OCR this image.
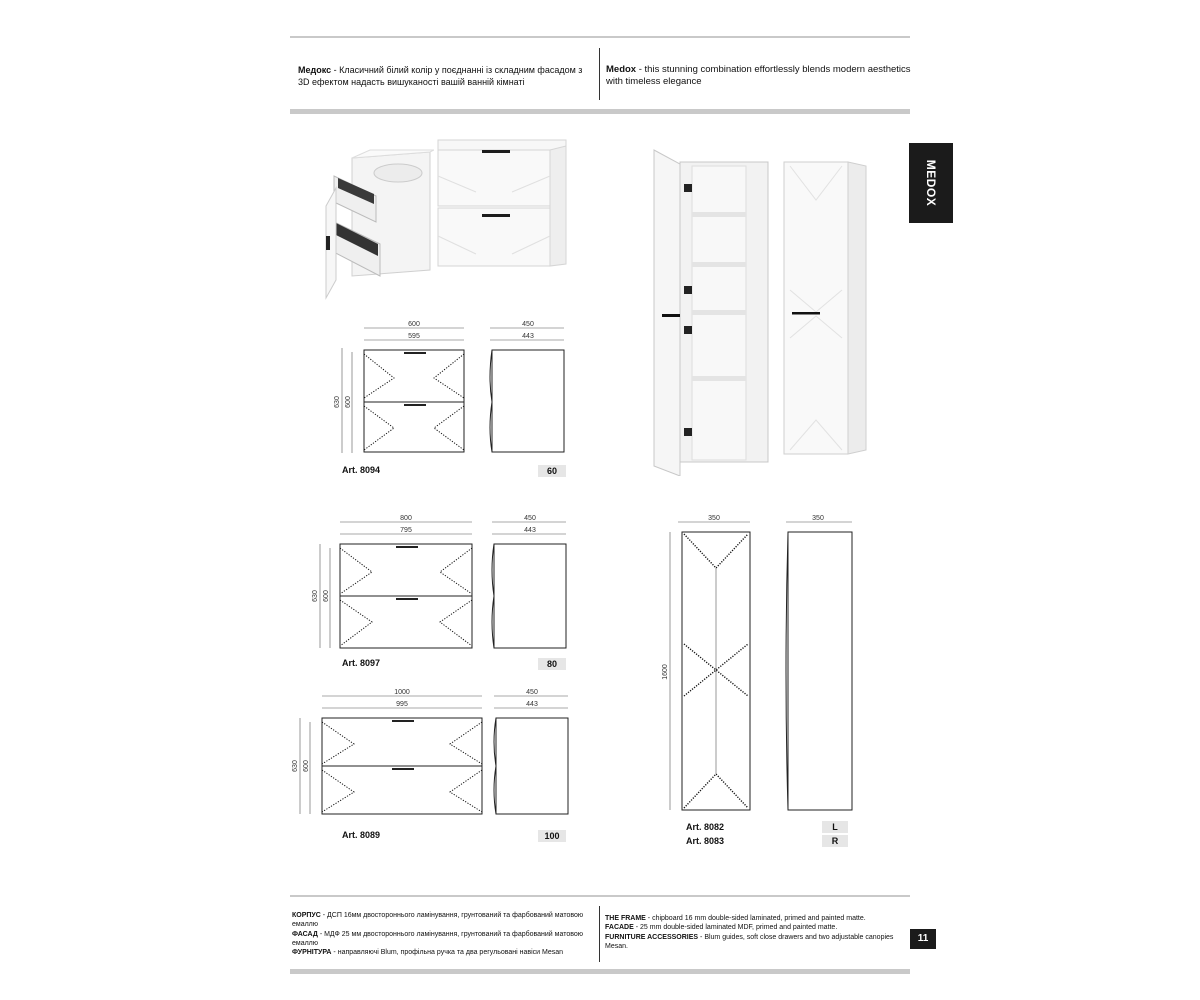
Медокс - Класичний білий колір у поєднанні із складним фасадом з 3D ефектом надасть вишуканості вашій ванній кімнаті
Medox - this stunning combination effortlessly blends modern aesthetics with timeless elegance
MEDOX
600
595
630 600
450
443
Art. 8094	60
800
795
630 600
450
443
Art. 8097	80
1000
995
630 600
450
443
Art. 8089	100
350
1600
350
Art. 8082
Art. 8083
L
R
КОРПУС - ДСП 16мм двостороннього ламінування, грунтований та фарбований матовою емаллю
ФАСАД - МДФ 25 мм двостороннього ламінування, грунтований та фарбований матовою емаллю
ФУРНІТУРА - направляючі Blum, профільна ручка та два регульовані навіси Mesan
THE FRAME - chipboard 16 mm double-sided laminated, primed and painted matte.
FACADE - 25 mm double-sided laminated MDF, primed and painted matte.
FURNITURE ACCESSORIES - Blum guides, soft close drawers and two adjustable canopies Mesan.
11
